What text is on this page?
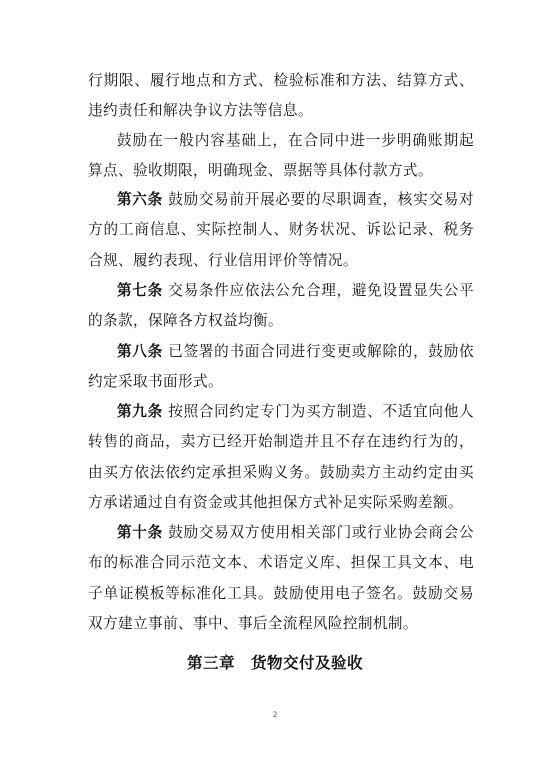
行期限、履行地点和方式、检验标准和方法、结算方式、违约责任和解决争议方法等信息。

鼓励在一般内容基础上，在合同中进一步明确账期起算点、验收期限，明确现金、票据等具体付款方式。

第六条 鼓励交易前开展必要的尽职调查，核实交易对方的工商信息、实际控制人、财务状况、诉讼记录、税务合规、履约表现、行业信用评价等情况。

第七条 交易条件应依法公允合理，避免设置显失公平的条款，保障各方权益均衡。

第八条 已签署的书面合同进行变更或解除的，鼓励依约定采取书面形式。

第九条 按照合同约定专门为买方制造、不适宜向他人转售的商品，卖方已经开始制造并且不存在违约行为的，由买方依法依约定承担采购义务。鼓励卖方主动约定由买方承诺通过自有资金或其他担保方式补足实际采购差额。

第十条 鼓励交易双方使用相关部门或行业协会商会公布的标准合同示范文本、术语定义库、担保工具文本、电子单证模板等标准化工具。鼓励使用电子签名。鼓励交易双方建立事前、事中、事后全流程风险控制机制。

第三章　货物交付及验收
2
